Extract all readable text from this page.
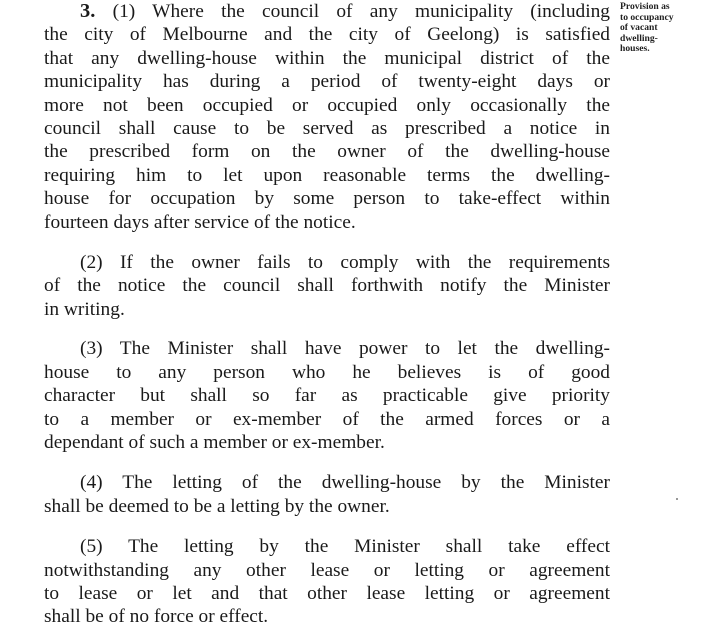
3. (1) Where the council of any municipality (including
the city of Melbourne and the city of Geelong) is satisfied
that any dwelling-house within the municipal district of the
municipality has during a period of twenty-eight days or
more not been occupied or occupied only occasionally the
council shall cause to be served as prescribed a notice in
the prescribed form on the owner of the dwelling-house
requiring him to let upon reasonable terms the dwelling-
house for occupation by some person to take-effect within
fourteen days after service of the notice.

(2) If the owner fails to comply with the requirements
of the notice the council shall forthwith notify the Minister
in writing.

(3) The Minister shall have power to let the dwelling-
house to any person who he believes is of good
character but shall so far as practicable give priority
to a member or ex-member of the armed forces or a
dependant of such a member or ex-member.

(4) The letting of the dwelling-house by the Minister
shall be deemed to be a letting by the owner.

(5) The letting by the Minister shall take effect
notwithstanding any other lease or letting or agreement
to lease or let and that other lease letting or agreement
shall be of no force or effect.

Provision as
to occupancy
of vacant
dwelling-
houses.
